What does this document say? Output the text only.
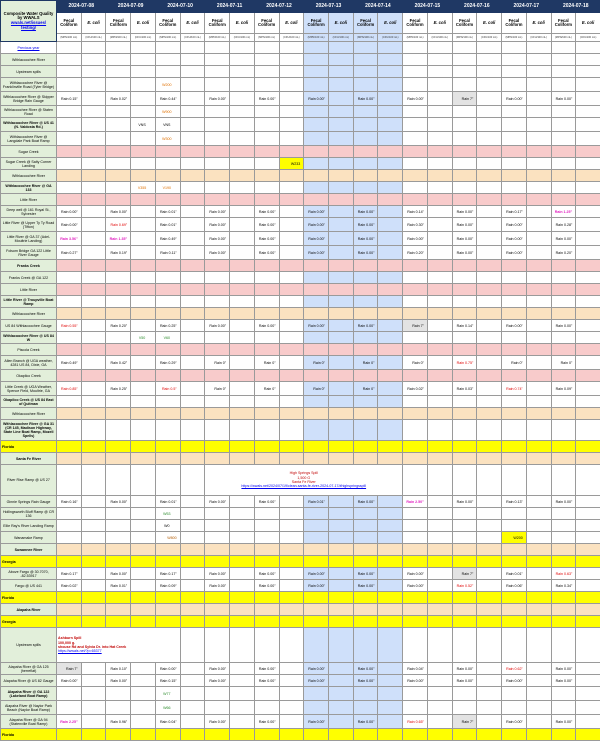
Composite Water Quality
by WWALS
wwals.net/issues/
testing/	2024-07-08		2024-07-09		2024-07-10		2024-07-11		2024-07-12		2024-07-13		2024-07-14		2024-07-15		2024-07-16		2024-07-17		2024-07-18	
	Fecal Coliform	E. coli	Fecal Coliform	E. coli	Fecal Coliform	E. coli	Fecal Coliform	E. coli	Fecal Coliform	E. coli	Fecal Coliform	E. coli	Fecal Coliform	E. coli	Fecal Coliform	E. coli	Fecal Coliform	E. coli	Fecal Coliform	E. coli	Fecal Coliform	E. coli
	(MPN/100 mL)	(CFU/100 mL)	(MPN/100 mL)	(CFU/100 mL)	(MPN/100 mL)	(CFU/100 mL)	(MPN/100 mL)	(CFU/100 mL)	(MPN/100 mL)	(CFU/100 mL)	(MPN/100 mL)	(CFU/100 mL)	(MPN/100 mL)	(CFU/100 mL)	(MPN/100 mL)	(CFU/100 mL)	(MPN/100 mL)	(CFU/100 mL)	(MPN/100 mL)	(CFU/100 mL)	(MPN/100 mL)	(CFU/100 mL)
Previous year																						
Withlacoochee River																						
Upstream spills																						
Withlacoochee River @ Franklinville Road (Tyler Bridge)					W200																	
Withlacoochee River @ Skipper Bridge Rain Gauge	Rain 0.15"		Rain 0.02"		Rain 0.44"		Rain 0.00"		Rain 0.00"		Rain 0.00"		Rain 0.00"		Rain 0.00"		Rain 7"		Rain 0.00"		Rain 0.00"	
Withlacoochee River @ Staten Road					W900																	
Withlacoochee River @ US 41 (N. Valdosta Rd.)				VNS	VNS																	
Withlacoochee River @ Langdale Park Boat Ramp					W300																	
Sugar Creek																						
Sugar Creek @ Salty Corner Landing										W233												
Withlacoochee River																						
Withlacoochee River @ GA 133				V355	V190																	
Little River																						
Deep well @ 161 Royal St., Sylvester	Rain 0.00"		Rain 0.00"		Rain 0.01"		Rain 0.00"		Rain 0.00"		Rain 0.00"		Rain 0.00"		Rain 0.14"		Rain 0.00"		Rain 0.17"		Rain 1.25"	
Little River @ Upper Ty Ty Road (Tifton)	Rain 0.00"		Rain 0.69"		Rain 0.01"		Rain 0.00"		Rain 0.00"		Rain 0.00"		Rain 0.00"		Rain 0.30"		Rain 0.00"		Rain 0.00"		Rain 0.28"	
Little River @ GA 37 (Adel-Moultrie Landing)	Rain 3.56"		Rain 1.35"		Rain 0.49"		Rain 0.00"		Rain 0.00"		Rain 0.00"		Rain 0.00"		Rain 0.00"		Rain 0.00"		Rain 0.00"		Rain 0.00"	
Folsom Bridge GA 122 Little River Gauge	Rain 0.27"		Rain 0.19"		Rain 0.11"		Rain 0.00"		Rain 0.00"		Rain 0.00"		Rain 0.00"		Rain 0.20"		Rain 0.00"		Rain 0.00"		Rain 0.20"	
Franks Creek																						
Franks Creek @ GA 122																						
Little River																						
Little River @ Troupville Boat Ramp																						
Withlacoochee River																						
US 84 Withlacoochee Gauge	Rain 0.55"		Rain 0.20"		Rain 0.25"		Rain 0.00"		Rain 0.00"		Rain 0.00"		Rain 0.00"		Rain 7"		Rain 0.14"		Rain 0.00"		Rain 0.00"	
Withlacoochee River @ US 84 W				V50	V60																	
Piscola Creek																						
Allen Branch @ UGA weather, 4281 US 84, Dixie, GA	Rain 0.49"		Rain 0.42"		Rain 0.29"		Rain 0"		Rain 0"		Rain 0"		Rain 0"		Rain 0"		Rain 0.75"		Rain 0"		Rain 0"	
Okapilco Creek																						
Little Creek @ UGA Weather, Spence Field, Moultrie, GA	Rain 0.85"		Rain 0.25"		Rain 0.5"		Rain 0"		Rain 0"		Rain 0"		Rain 0"		Rain 0.02"		Rain 0.03"		Rain 0.74"		Rain 0.09"	
Okapilco Creek @ US 84 East of Quitman																						
Withlacoochee River																						
Withlacoochee River @ GA 31 (CR 145, Madison Highway, State Line Boat Ramp, Mozell Spells)																						
Florida																						
Santa Fe River																						
River Rise Ramp @ US 27							High Springs Spill
1,500 G
Santa Fe River
https://wwals.net/2024/07/19/clean-santa-fe-river-2024-07-17/#highspringsspill															

Ginnie Springs Rain Gauge	Rain 0.16"		Rain 0.00"		Rain 0.01"		Rain 0.00"		Rain 0.00"		Rain 0.01"		Rain 0.00"		Rain 2.50"		Rain 0.00"		Rain 0.13"		Rain 0.00"	
Hollingsworth Bluff Ramp @ CR 136					W53																	
Ellie Ray's River Landing Ramp					W0																	
Wanamake Ramp					W800														W200			
Suwannee River																						
Georgia																						
Above Fargo @ 30.7070, -82.53917	Rain 0.17"		Rain 0.00"		Rain 0.17"		Rain 0.00"		Rain 0.00"		Rain 0.00"		Rain 0.00"		Rain 0.00"		Rain 7"		Rain 0.01"		Rain 0.63"	
Fargo @ US 441	Rain 0.02"		Rain 0.01"		Rain 0.09"		Rain 0.00"		Rain 0.00"		Rain 0.00"		Rain 0.00"		Rain 0.00"		Rain 0.52"		Rain 0.06"		Rain 0.34"	
Florida																						
Alapaha River																						
Georgia																						
Upstream spills	Ashburn Spill
100,000 g.
shouse Rd and Sylvia Dr. into Hat Creek
https://wwals.net/?p=65377																					

Alapaha River @ GA 125 (herreflat)	Rain 7"		Rain 0.10"		Rain 0.00"		Rain 0.00"		Rain 0.00"		Rain 0.00"		Rain 0.00"		Rain 0.04"		Rain 0.00"		Rain 0.62"		Rain 0.00"	
Alapaha River @ US 82 Gauge	Rain 0.00"		Rain 0.00"		Rain 0.15"		Rain 0.00"		Rain 0.00"		Rain 0.00"		Rain 0.00"		Rain 0.00"		Rain 0.00"		Rain 0.00"		Rain 0.00"	
Alapaha River @ GA 122 (Lakeland Boat Ramp)					W77																	
Alapaha River @ Naylor Park Beach (Naylor Boat Ramp)					W66																	
Alapaha River @ GA 94 (Statenville Boat Ramp)	Rain 2.25"		Rain 0.96"		Rain 0.04"		Rain 0.00"		Rain 0.00"		Rain 0.00"		Rain 0.00"		Rain 0.65"		Rain 7"		Rain 0.00"		Rain 0.00"	
Florida																						
